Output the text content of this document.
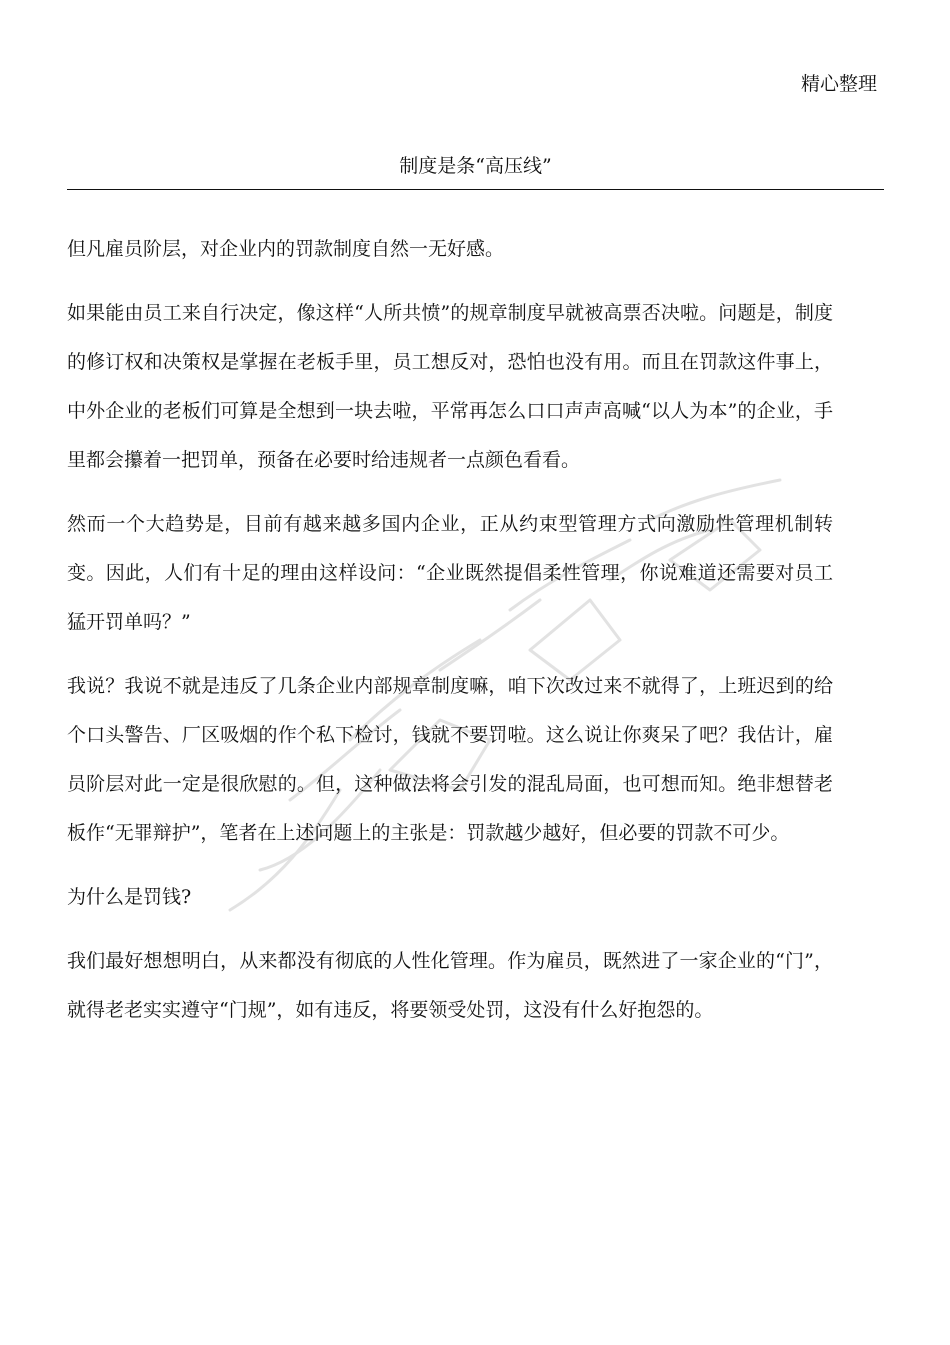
精心整理

制度是条“高压线”

但凡雇员阶层，对企业内的罚款制度自然一无好感。

如果能由员工来自行决定，像这样“人所共愤”的规章制度早就被高票否决啦。问题是，制度的修订权和决策权是掌握在老板手里，员工想反对，恐怕也没有用。而且在罚款这件事上，中外企业的老板们可算是全想到一块去啦，平常再怎么口口声声高喊“以人为本”的企业，手里都会攥着一把罚单，预备在必要时给违规者一点颜色看看。

然而一个大趋势是，目前有越来越多国内企业，正从约束型管理方式向激励性管理机制转变。因此，人们有十足的理由这样设问：“企业既然提倡柔性管理，你说难道还需要对员工猛开罚单吗？”

我说？我说不就是违反了几条企业内部规章制度嘛，咱下次改过来不就得了，上班迟到的给个口头警告、厂区吸烟的作个私下检讨，钱就不要罚啦。这么说让你爽呆了吧？我估计，雇员阶层对此一定是很欣慰的。但，这种做法将会引发的混乱局面，也可想而知。绝非想替老板作“无罪辩护”，笔者在上述问题上的主张是：罚款越少越好，但必要的罚款不可少。

为什么是罚钱?

我们最好想想明白，从来都没有彻底的人性化管理。作为雇员，既然进了一家企业的“门”，就得老老实实遵守“门规”，如有违反，将要领受处罚，这没有什么好抱怨的。
